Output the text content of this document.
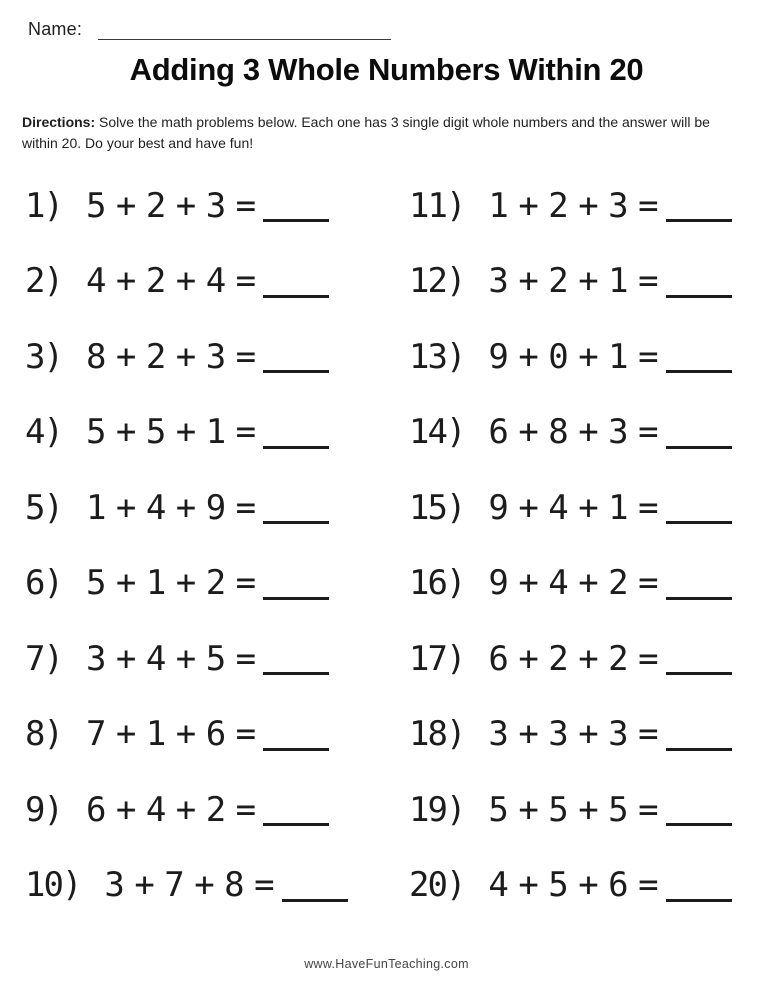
Name:
Adding 3 Whole Numbers Within 20
Directions: Solve the math problems below. Each one has 3 single digit whole numbers and the answer will be within 20. Do your best and have fun!
1) 5 + 2 + 3 =
2) 4 + 2 + 4 =
3) 8 + 2 + 3 =
4) 5 + 5 + 1 =
5) 1 + 4 + 9 =
6) 5 + 1 + 2 =
7) 3 + 4 + 5 =
8) 7 + 1 + 6 =
9) 6 + 4 + 2 =
10) 3 + 7 + 8 =
11) 1 + 2 + 3 =
12) 3 + 2 + 1 =
13) 9 + 0 + 1 =
14) 6 + 8 + 3 =
15) 9 + 4 + 1 =
16) 9 + 4 + 2 =
17) 6 + 2 + 2 =
18) 3 + 3 + 3 =
19) 5 + 5 + 5 =
20) 4 + 5 + 6 =
www.HaveFunTeaching.com
